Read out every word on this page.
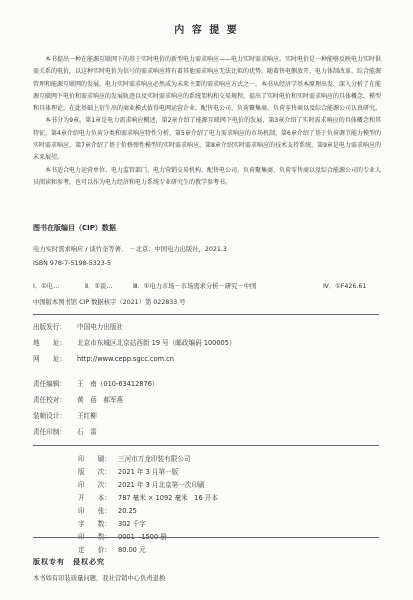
内 容 提 要

本书提出一种在能源互联网下的基于实时电价的新型电力需求响应——电力实时需求响应。实时电价是一种能够反映电力实时供需关系的电价，以这种实时电价为信号的需求响应将有着其他需求响应无法比拟的优势。随着售电侧放开、电力体制改革、综合能源管理和能源互联网的发展，电力实时需求响应必然成为未来主要的需求响应方式之一。本书从经济学基本原理出发，深入分析了在能源互联网下电价和需求响应的发展轨迹以及实时需求响应的系统架构和交易规程，提出了实时电价和实时需求响应的具体概念、模型和具体理论，在此基础上衍生出的商业模式值得电网运营企业、配售电公司、负荷聚集商、负荷零售商以及综合能源公司认真研究。

本书分为9章。第1章是电力需求响应概述，第2章介绍了能源互联网下电价的发展，第3章介绍了实时需求响应的具体概念和其特征，第4章介绍电力负荷分类和需求响应特性分析，第5章介绍了电力需求响应的市场机制，第6章介绍了基于负荷调节能力模型的实时需求响应，第7章介绍了基于价格弹性模型的实时需求响应，第8章介绍实时需求响应的技术支持系统，第9章是电力需求响应的未来展望。

本书适合电力运营单位、电力监管部门、电力营销交易机构、配售电公司、负荷聚集商、负荷零售商以及综合能源公司的专业人员阅读和参考，也可以作为电力经济和电力系统专业研究生的教学参考书。

图书在版编目（CIP）数据
电力实时需求响应 / 谈竹奎等著． －北京：中国电力出版社，2021.3
ISBN 978-7-5198-5323-5
Ⅰ．①电…	Ⅱ．①谈…	Ⅲ．①电力市场－市场需求分析－研究－中国	Ⅳ．①F426.61
中国版本图书馆 CIP 数据核字（2021）第 022833 号
出版发行： 中国电力出版社
地　　址： 北京市东城区北京站西街 19 号（邮政编码 100005）
网　　址： http://www.cepp.sgcc.com.cn
责任编辑： 王　南（010-63412876）
责任校对： 黄　蓓　郝军燕
装帧设计： 王红柳
责任印制： 石　雷
印　　刷： 三河市万龙印装有限公司
版　　次： 2021 年 3 月第一版
印　　次： 2021 年 3 月北京第一次印刷
开　　本： 787 毫米 × 1092 毫米　16 开本
印　　张： 20.25
字　　数： 302 千字
印　　数： 0001—1500 册
定　　价： 80.00 元
版权专有　侵权必究
本书如有印装质量问题，我社营销中心负责退换
